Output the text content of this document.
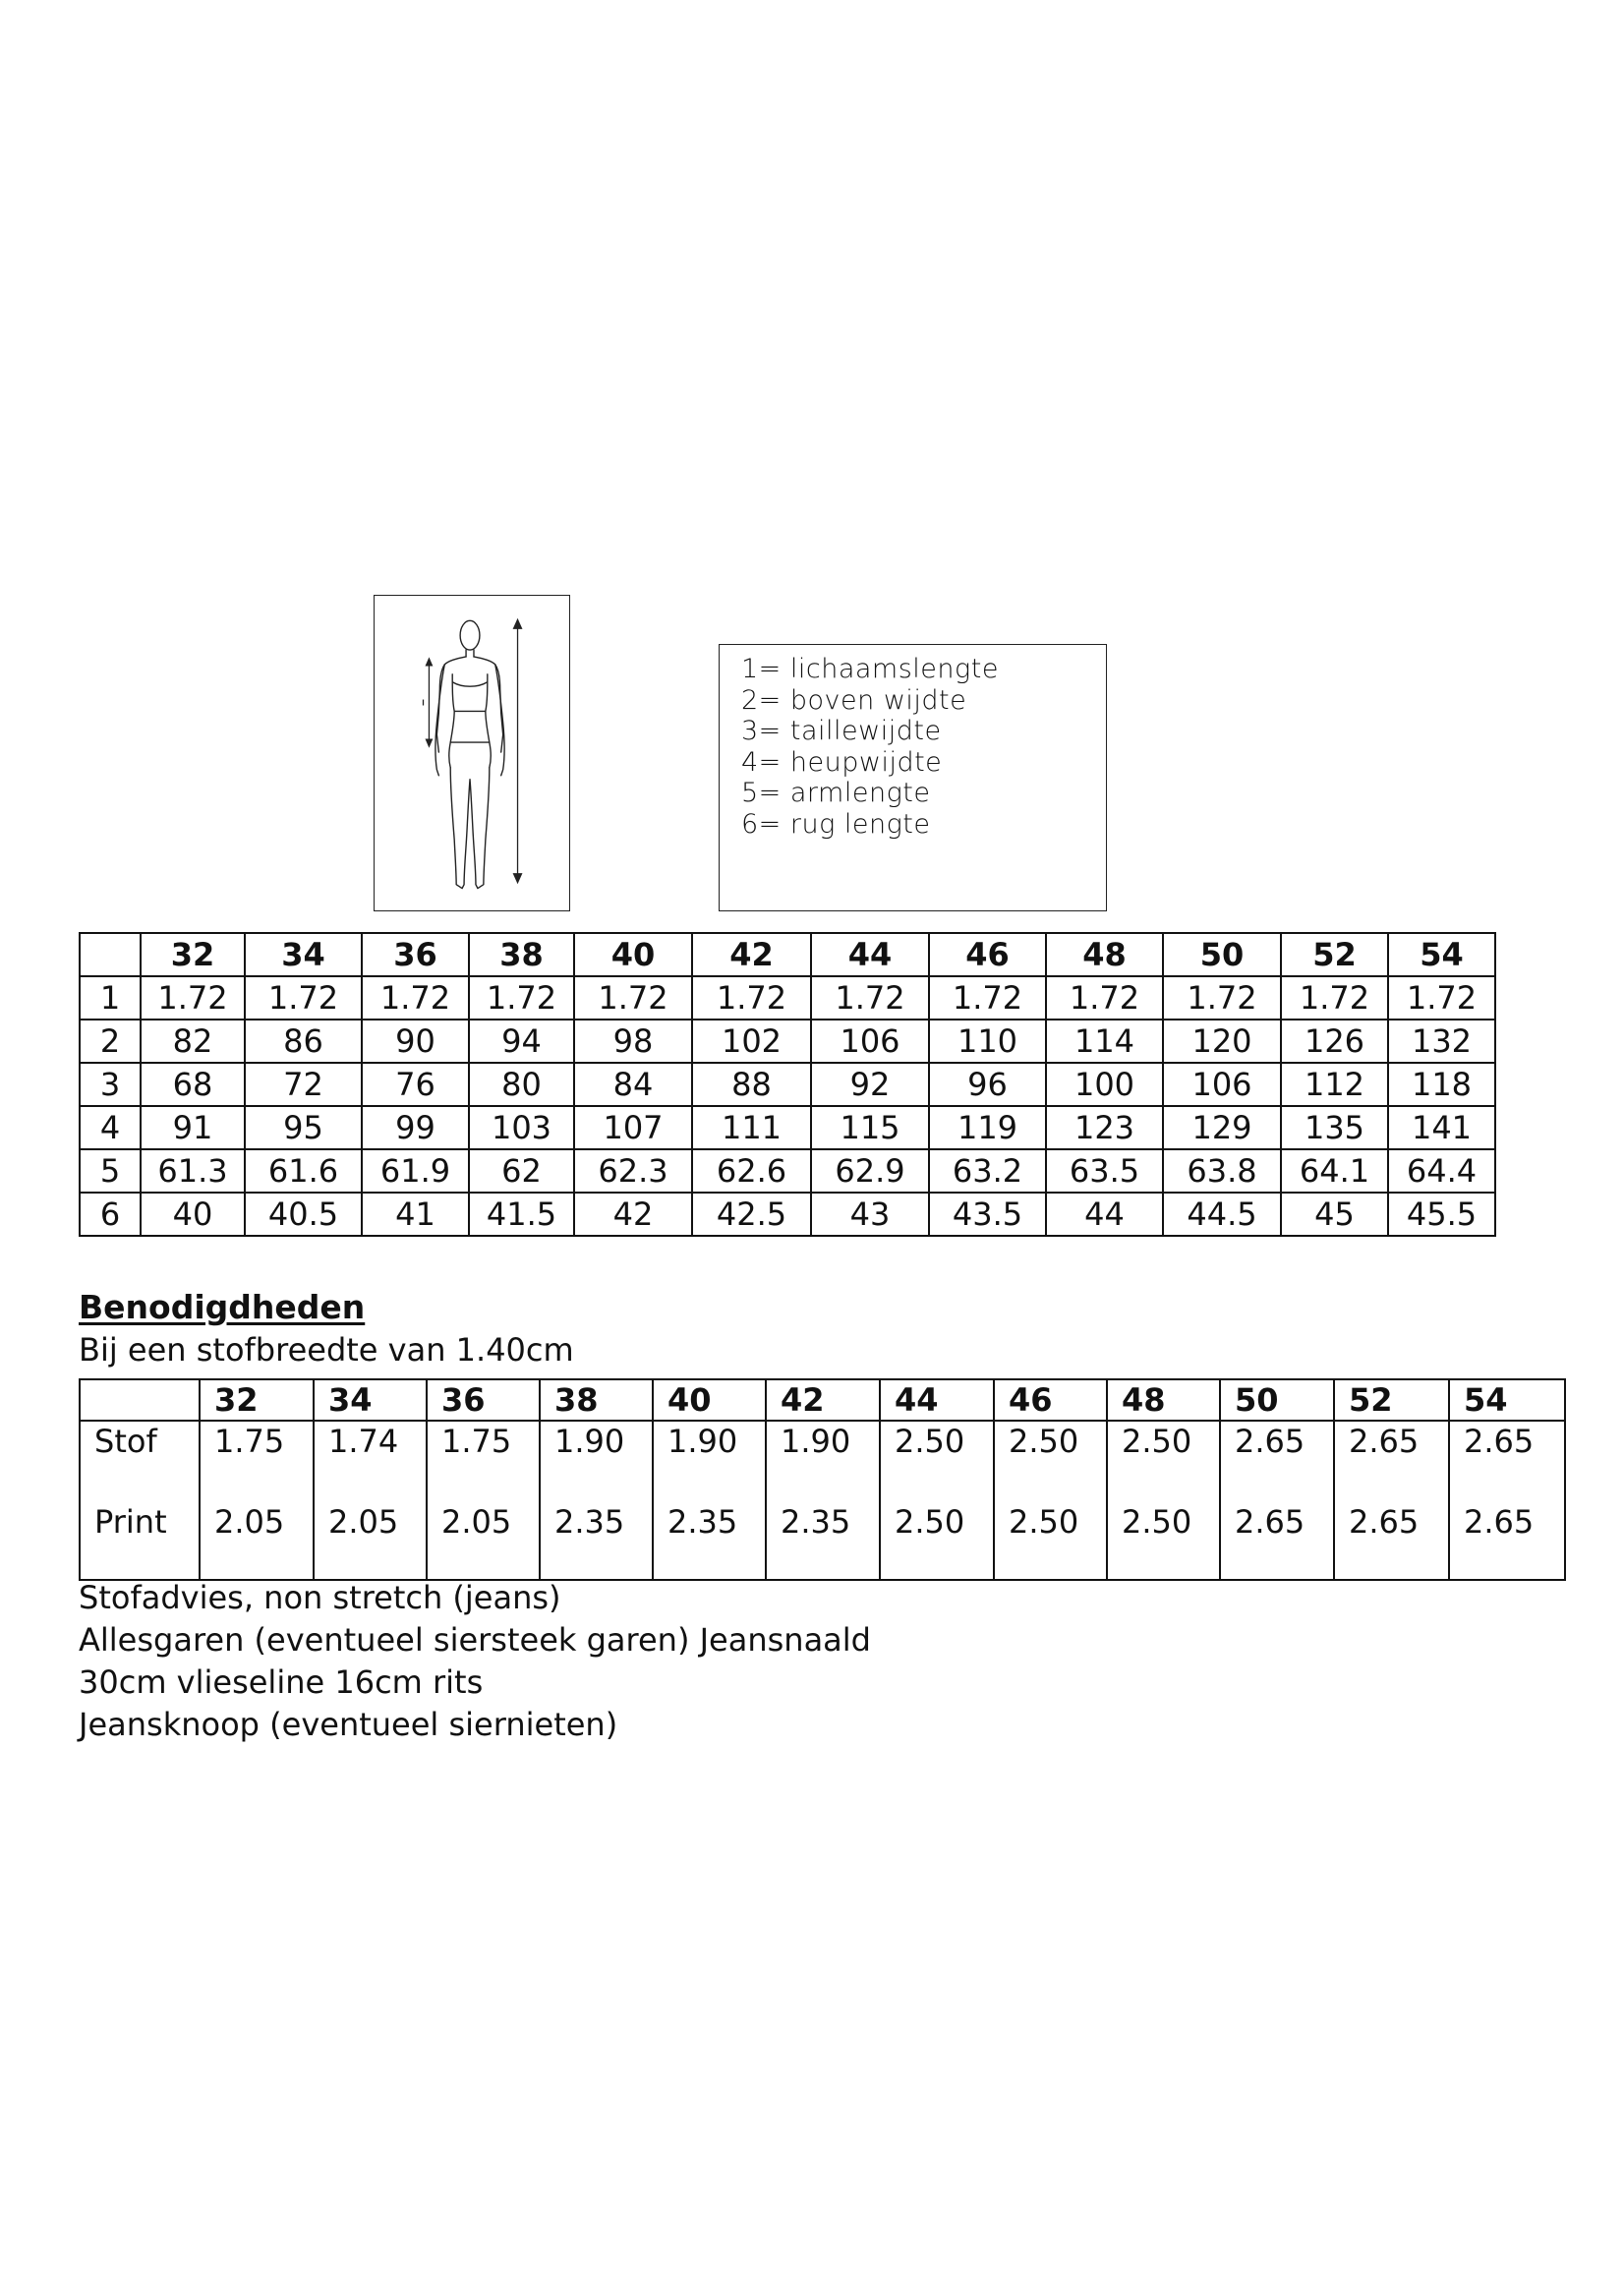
1= lichaamslengte
2= boven wijdte
3= taillewijdte
4= heupwijdte
5= armlengte
6= rug lengte
	32	34	36	38	40	42	44	46	48	50	52	54
1	1.72	1.72	1.72	1.72	1.72	1.72	1.72	1.72	1.72	1.72	1.72	1.72
2	82	86	90	94	98	102	106	110	114	120	126	132
3	68	72	76	80	84	88	92	96	100	106	112	118
4	91	95	99	103	107	111	115	119	123	129	135	141
5	61.3	61.6	61.9	62	62.3	62.6	62.9	63.2	63.5	63.8	64.1	64.4
6	40	40.5	41	41.5	42	42.5	43	43.5	44	44.5	45	45.5
Benodigdheden
Bij een stofbreedte van 1.40cm
	32	34	36	38	40	42	44	46	48	50	52	54
Stof	1.75	1.74	1.75	1.90	1.90	1.90	2.50	2.50	2.50	2.65	2.65	2.65
Print	2.05	2.05	2.05	2.35	2.35	2.35	2.50	2.50	2.50	2.65	2.65	2.65
Stofadvies, non stretch (jeans)
Allesgaren (eventueel siersteek garen) Jeansnaald
30cm vlieseline 16cm rits
Jeansknoop (eventueel siernieten)
